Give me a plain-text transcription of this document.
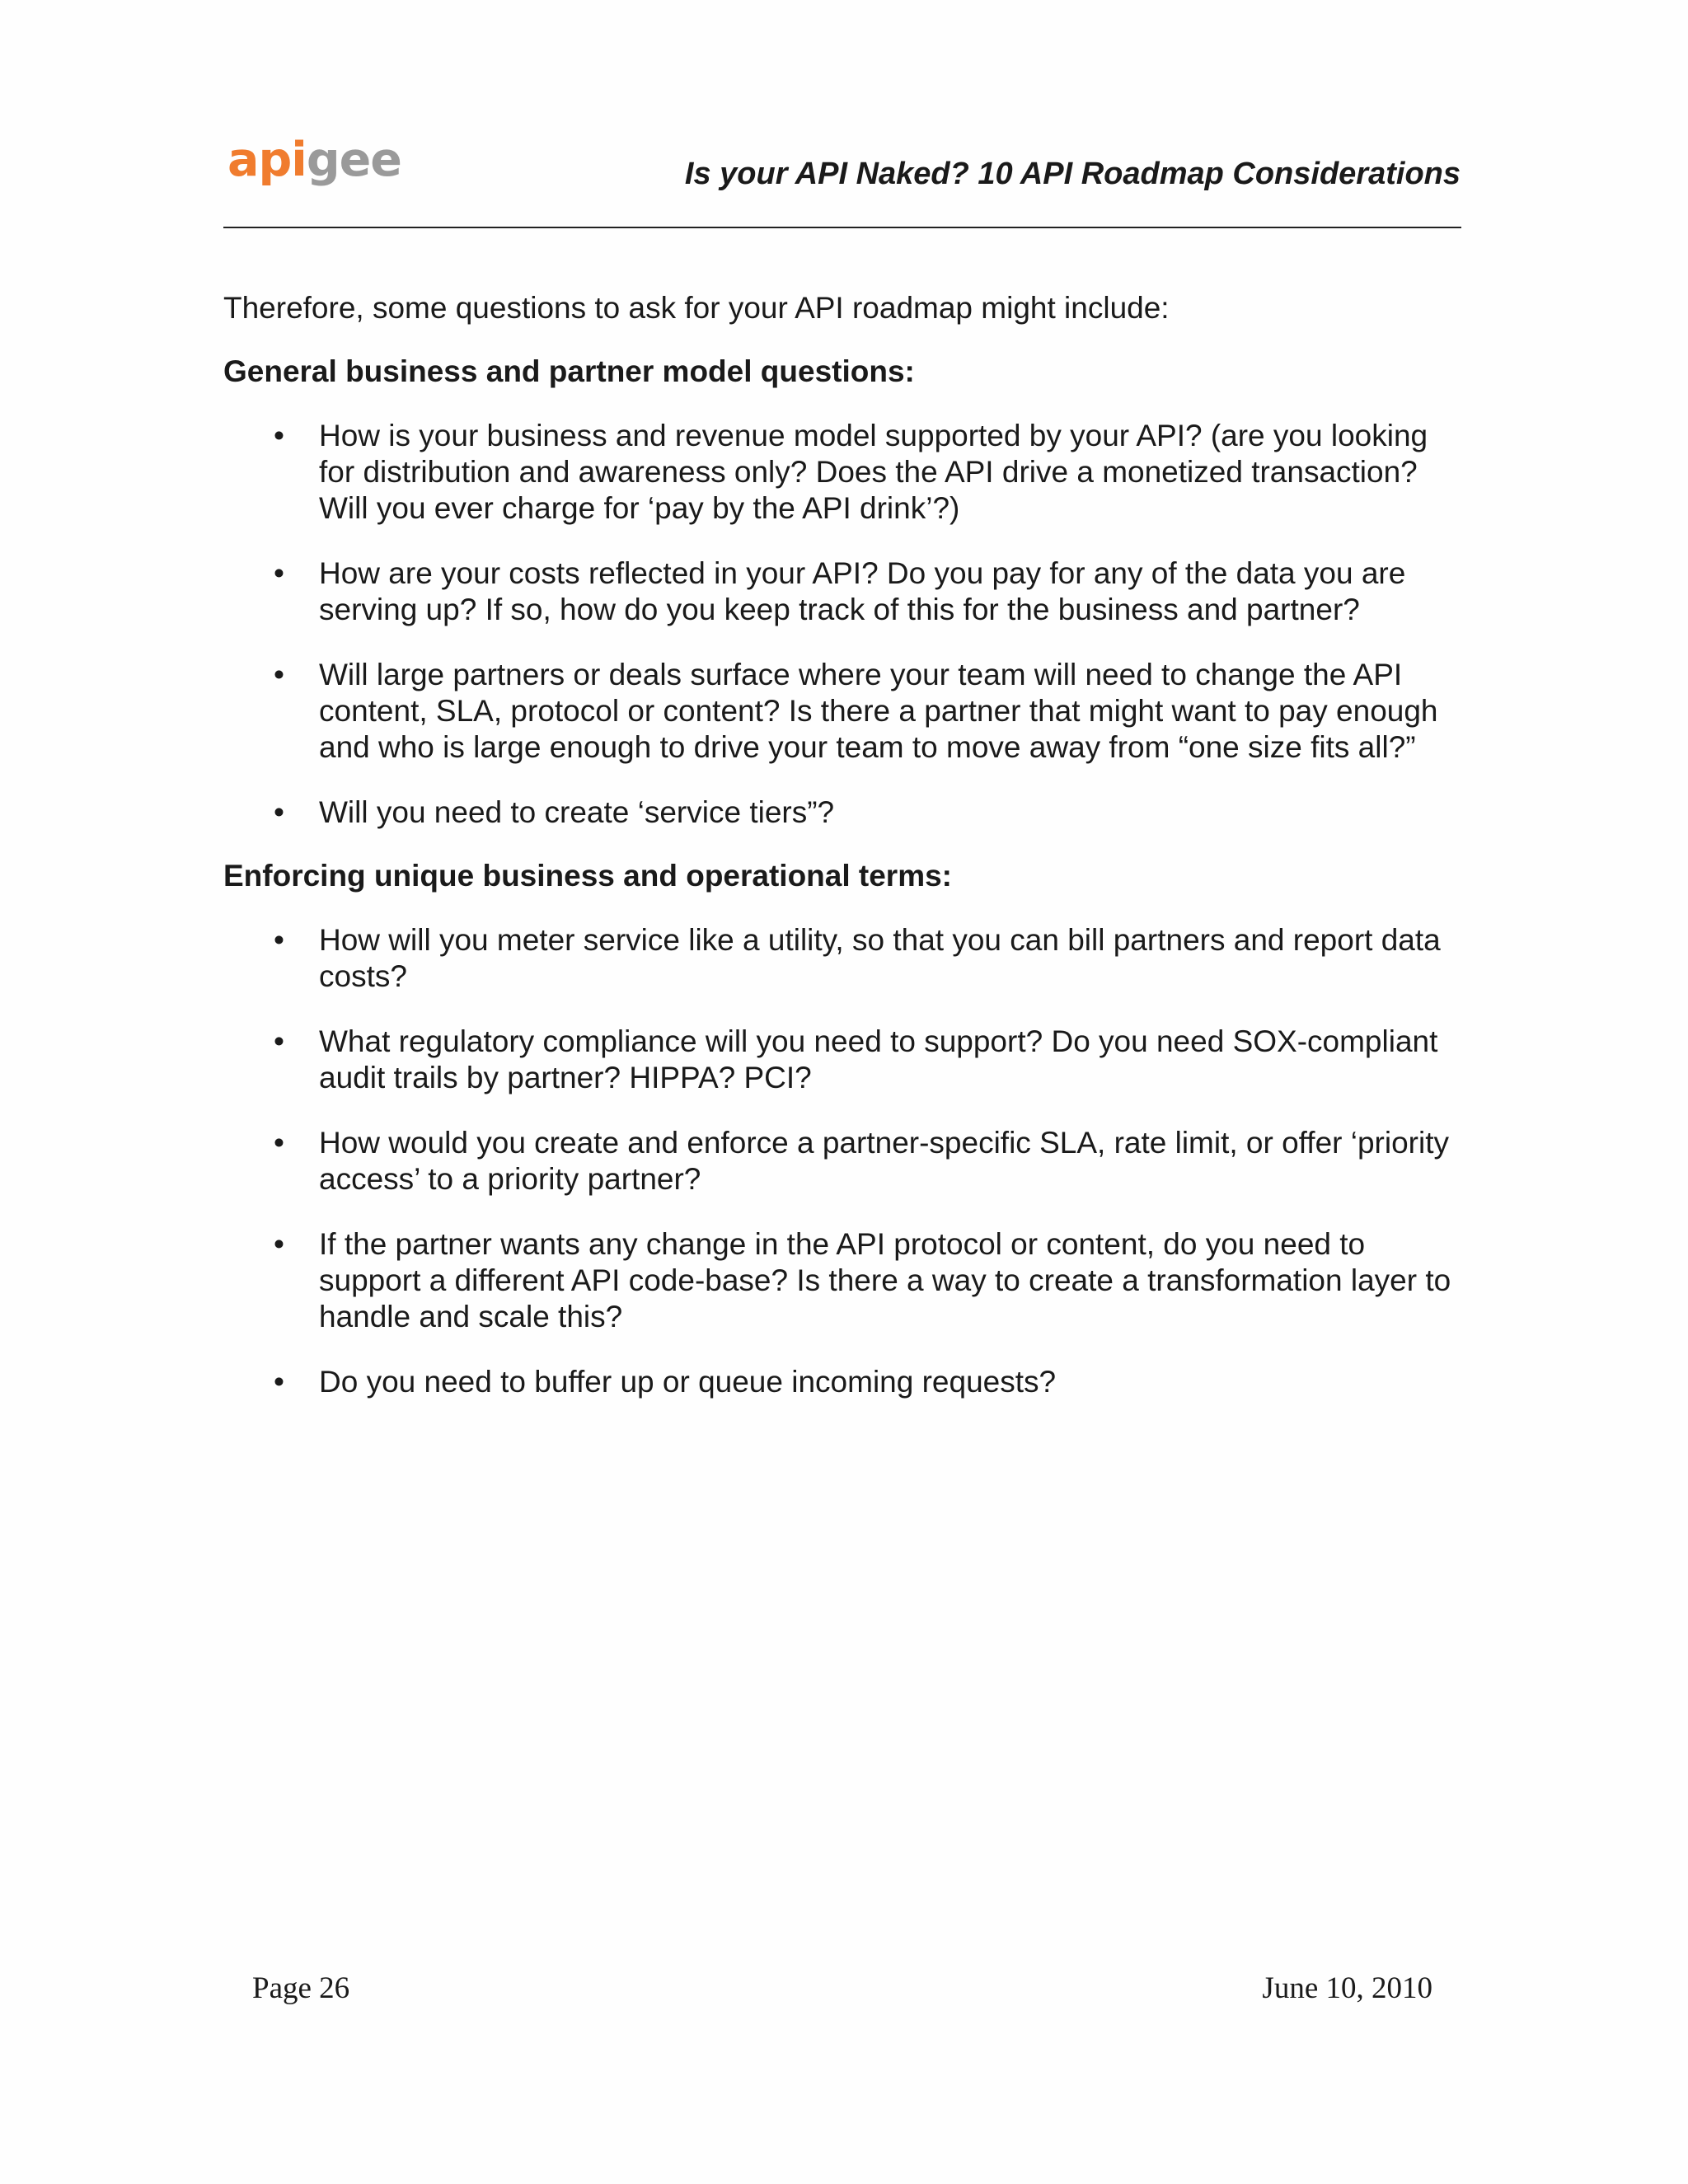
apigee	Is your API Naked? 10 API Roadmap Considerations

Therefore, some questions to ask for your API roadmap might include:

General business and partner model questions:

• How is your business and revenue model supported by your API? (are you looking for distribution and awareness only? Does the API drive a monetized transaction? Will you ever charge for ‘pay by the API drink’?)
• How are your costs reflected in your API? Do you pay for any of the data you are serving up? If so, how do you keep track of this for the business and partner?
• Will large partners or deals surface where your team will need to change the API content, SLA, protocol or content? Is there a partner that might want to pay enough and who is large enough to drive your team to move away from “one size fits all?”
• Will you need to create ‘service tiers”?

Enforcing unique business and operational terms:

• How will you meter service like a utility, so that you can bill partners and report data costs?
• What regulatory compliance will you need to support? Do you need SOX-compliant audit trails by partner? HIPPA? PCI?
• How would you create and enforce a partner-specific SLA, rate limit, or offer ‘priority access’ to a priority partner?
• If the partner wants any change in the API protocol or content, do you need to support a different API code-base? Is there a way to create a transformation layer to handle and scale this?
• Do you need to buffer up or queue incoming requests?

Page 26	June 10, 2010
